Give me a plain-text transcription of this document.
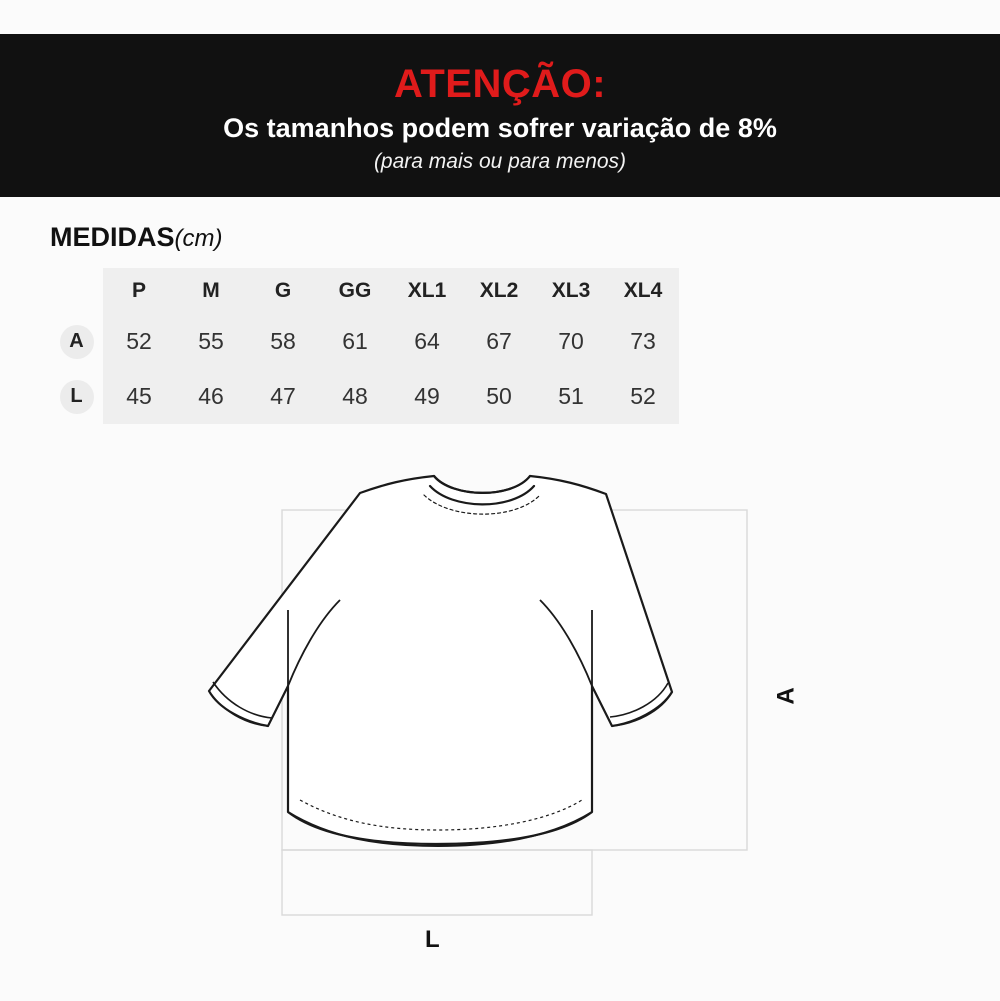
ATENÇÃO:
Os tamanhos podem sofrer variação de 8%
(para mais ou para menos)
MEDIDAS(cm)
	P	M	G	GG	XL1	XL2	XL3	XL4
A	52	55	58	61	64	67	70	73
L	45	46	47	48	49	50	51	52
A
L
